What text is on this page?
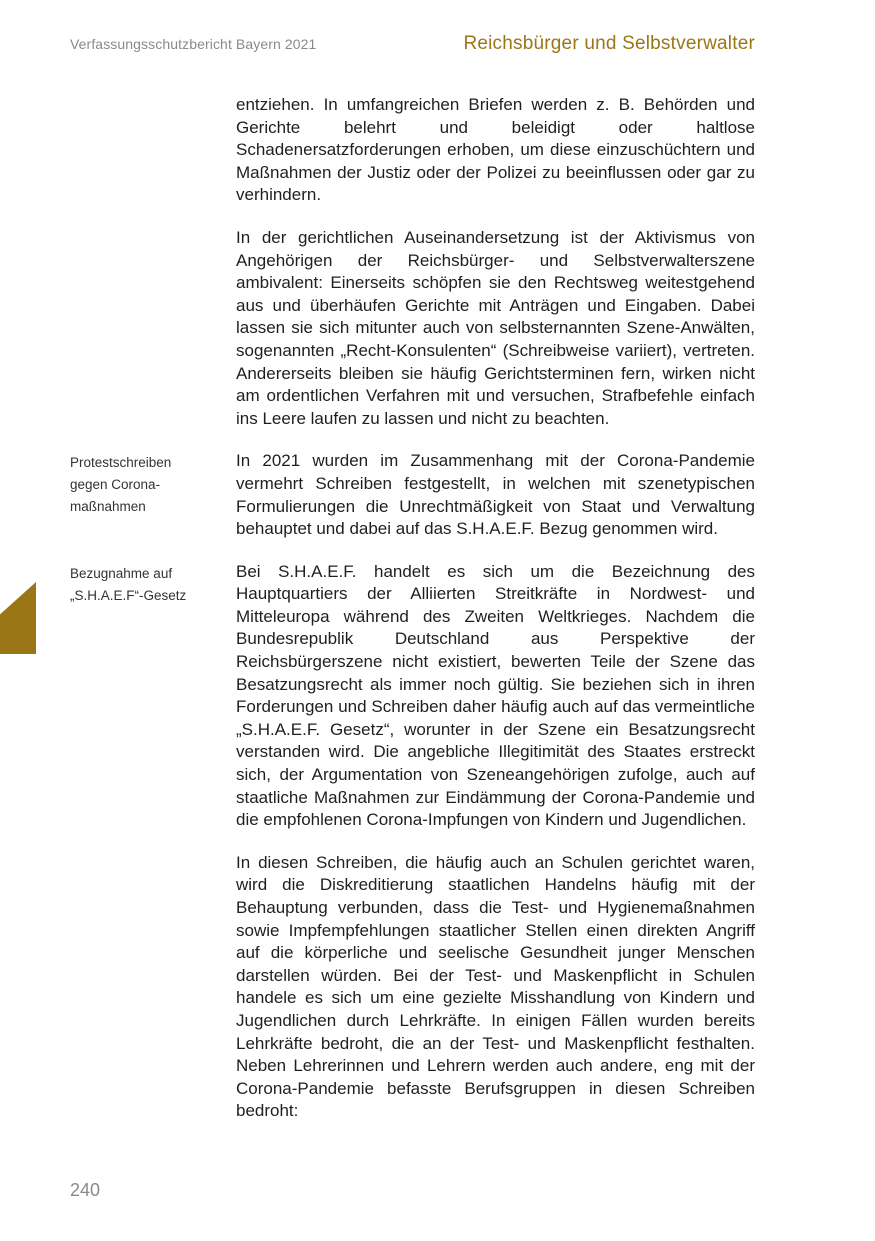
Verfassungsschutzbericht Bayern 2021	Reichsbürger und Selbstverwalter

entziehen. In umfangreichen Briefen werden z. B. Behörden und Gerichte belehrt und beleidigt oder haltlose Schadenersatzforderungen erhoben, um diese einzuschüchtern und Maßnahmen der Justiz oder der Polizei zu beeinflussen oder gar zu verhindern.

In der gerichtlichen Auseinandersetzung ist der Aktivismus von Angehörigen der Reichsbürger- und Selbstverwalterszene ambivalent: Einerseits schöpfen sie den Rechtsweg weitestgehend aus und überhäufen Gerichte mit Anträgen und Eingaben. Dabei lassen sie sich mitunter auch von selbsternannten Szene-Anwälten, sogenannten „Recht-Konsulenten“ (Schreibweise variiert), vertreten. Andererseits bleiben sie häufig Gerichtsterminen fern, wirken nicht am ordentlichen Verfahren mit und versuchen, Strafbefehle einfach ins Leere laufen zu lassen und nicht zu beachten.

Protestschreiben
gegen Corona-
maßnahmen
In 2021 wurden im Zusammenhang mit der Corona-Pandemie vermehrt Schreiben festgestellt, in welchen mit szenetypischen Formulierungen die Unrechtmäßigkeit von Staat und Verwaltung behauptet und dabei auf das S.H.A.E.F. Bezug genommen wird.

Bezugnahme auf
„S.H.A.E.F“-Gesetz
Bei S.H.A.E.F. handelt es sich um die Bezeichnung des Hauptquartiers der Alliierten Streitkräfte in Nordwest- und Mitteleuropa während des Zweiten Weltkrieges. Nachdem die Bundesrepublik Deutschland aus Perspektive der Reichsbürgerszene nicht existiert, bewerten Teile der Szene das Besatzungsrecht als immer noch gültig. Sie beziehen sich in ihren Forderungen und Schreiben daher häufig auch auf das vermeintliche „S.H.A.E.F. Gesetz“, worunter in der Szene ein Besatzungsrecht verstanden wird. Die angebliche Illegitimität des Staates erstreckt sich, der Argumentation von Szeneangehörigen zufolge, auch auf staatliche Maßnahmen zur Eindämmung der Corona-Pandemie und die empfohlenen Corona-Impfungen von Kindern und Jugendlichen.

In diesen Schreiben, die häufig auch an Schulen gerichtet waren, wird die Diskreditierung staatlichen Handelns häufig mit der Behauptung verbunden, dass die Test- und Hygienemaßnahmen sowie Impfempfehlungen staatlicher Stellen einen direkten Angriff auf die körperliche und seelische Gesundheit junger Menschen darstellen würden. Bei der Test- und Maskenpflicht in Schulen handele es sich um eine gezielte Misshandlung von Kindern und Jugendlichen durch Lehrkräfte. In einigen Fällen wurden bereits Lehrkräfte bedroht, die an der Test- und Maskenpflicht festhalten. Neben Lehrerinnen und Lehrern werden auch andere, eng mit der Corona-Pandemie befasste Berufsgruppen in diesen Schreiben bedroht:

240
